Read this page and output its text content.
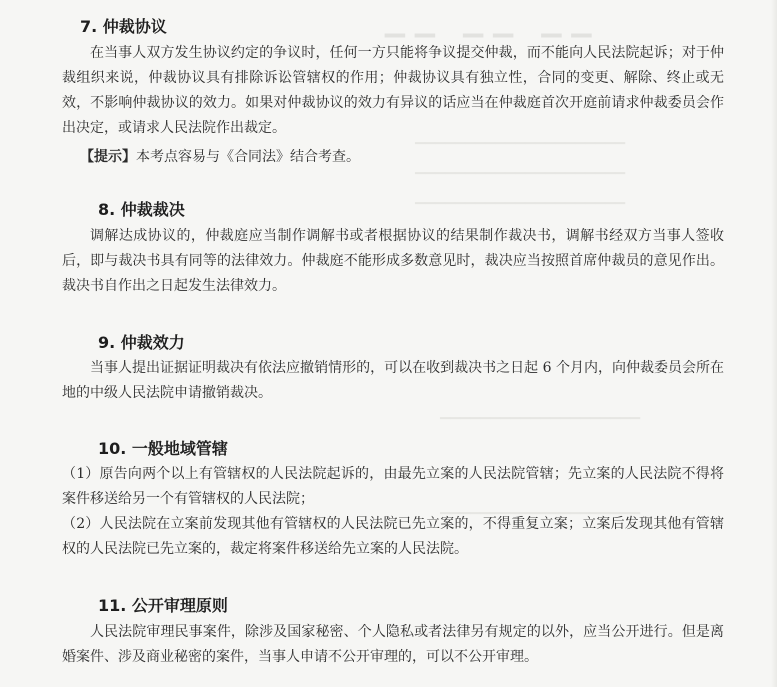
▁▁ ▁▁ ▁▁
▁▁▁▁▁▁▁▁▁▁▁▁▁▁▁▁▁▁▁▁▁
▁▁▁▁▁▁▁▁▁▁▁▁▁▁▁▁▁▁▁▁▁
▁▁▁▁▁▁▁▁▁▁▁▁▁▁▁▁▁▁▁▁▁
▁▁▁▁▁▁▁▁▁▁▁▁▁▁▁▁▁▁▁▁
▁▁▁▁▁▁▁▁▁▁▁▁▁▁▁▁▁▁▁▁
7. 仲裁协议

在当事人双方发生协议约定的争议时，任何一方只能将争议提交仲裁，而不能向人民法院起诉；对于仲裁组织来说，仲裁协议具有排除诉讼管辖权的作用；仲裁协议具有独立性，合同的变更、解除、终止或无效，不影响仲裁协议的效力。如果对仲裁协议的效力有异议的话应当在仲裁庭首次开庭前请求仲裁委员会作出决定，或请求人民法院作出裁定。

【提示】本考点容易与《合同法》结合考查。

8. 仲裁裁决

调解达成协议的，仲裁庭应当制作调解书或者根据协议的结果制作裁决书，调解书经双方当事人签收后，即与裁决书具有同等的法律效力。仲裁庭不能形成多数意见时，裁决应当按照首席仲裁员的意见作出。裁决书自作出之日起发生法律效力。

9. 仲裁效力

当事人提出证据证明裁决有依法应撤销情形的，可以在收到裁决书之日起 6 个月内，向仲裁委员会所在地的中级人民法院申请撤销裁决。

10. 一般地域管辖

（1）原告向两个以上有管辖权的人民法院起诉的，由最先立案的人民法院管辖；先立案的人民法院不得将案件移送给另一个有管辖权的人民法院；

（2）人民法院在立案前发现其他有管辖权的人民法院已先立案的，不得重复立案；立案后发现其他有管辖权的人民法院已先立案的，裁定将案件移送给先立案的人民法院。

11. 公开审理原则

人民法院审理民事案件，除涉及国家秘密、个人隐私或者法律另有规定的以外，应当公开进行。但是离婚案件、涉及商业秘密的案件，当事人申请不公开审理的，可以不公开审理。
